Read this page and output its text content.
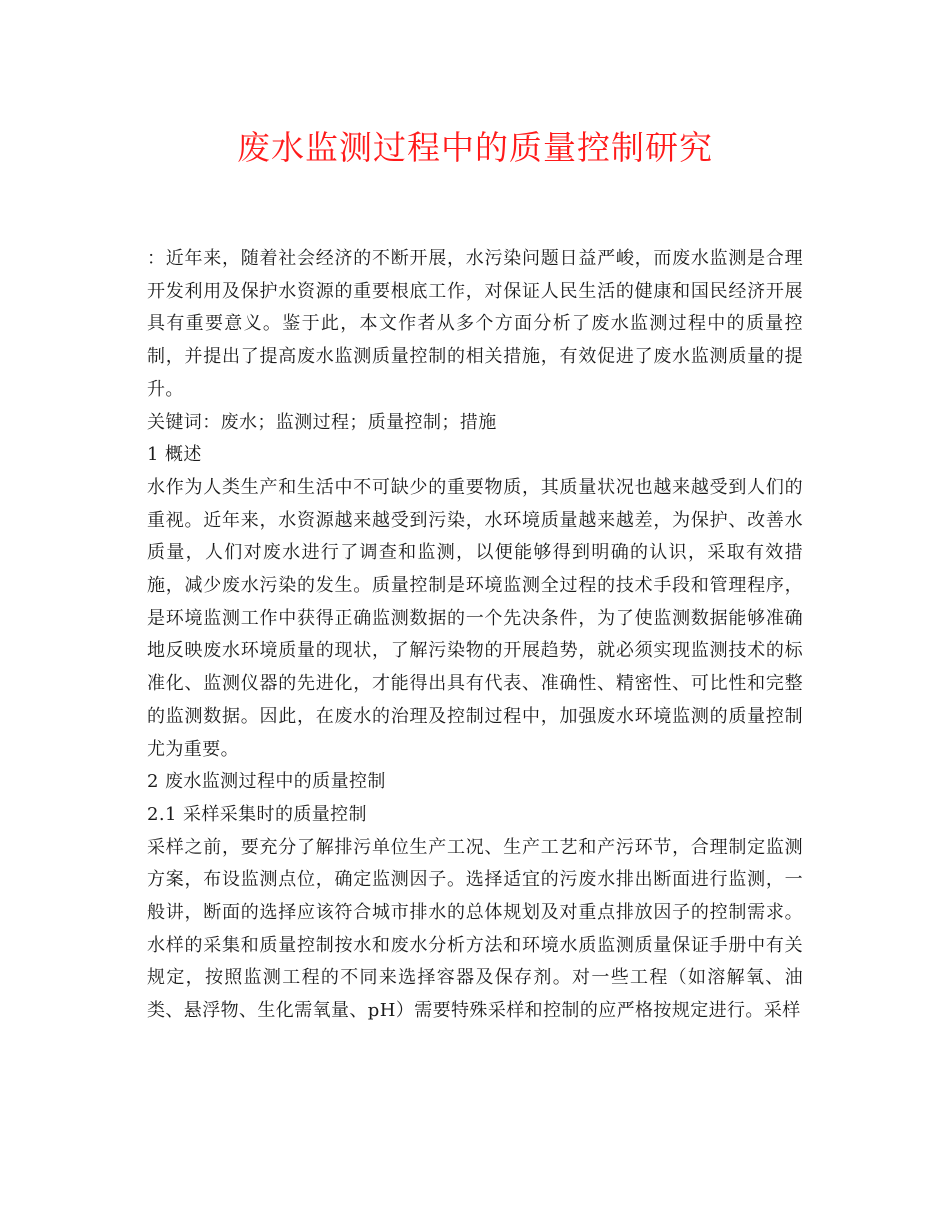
废水监测过程中的质量控制研究

：近年来，随着社会经济的不断开展，水污染问题日益严峻，而废水监测是合理开发利用及保护水资源的重要根底工作，对保证人民生活的健康和国民经济开展具有重要意义。鉴于此，本文作者从多个方面分析了废水监测过程中的质量控制，并提出了提高废水监测质量控制的相关措施，有效促进了废水监测质量的提升。

关键词：废水；监测过程；质量控制；措施

1 概述

水作为人类生产和生活中不可缺少的重要物质，其质量状况也越来越受到人们的重视。近年来，水资源越来越受到污染，水环境质量越来越差，为保护、改善水质量，人们对废水进行了调查和监测，以便能够得到明确的认识，采取有效措施，减少废水污染的发生。质量控制是环境监测全过程的技术手段和管理程序，是环境监测工作中获得正确监测数据的一个先决条件，为了使监测数据能够准确地反映废水环境质量的现状，了解污染物的开展趋势，就必须实现监测技术的标准化、监测仪器的先进化，才能得出具有代表、准确性、精密性、可比性和完整的监测数据。因此，在废水的治理及控制过程中，加强废水环境监测的质量控制尤为重要。

2 废水监测过程中的质量控制

2.1 采样采集时的质量控制

采样之前，要充分了解排污单位生产工况、生产工艺和产污环节，合理制定监测方案，布设监测点位，确定监测因子。选择适宜的污废水排出断面进行监测，一般讲，断面的选择应该符合城市排水的总体规划及对重点排放因子的控制需求。水样的采集和质量控制按水和废水分析方法和环境水质监测质量保证手册中有关规定，按照监测工程的不同来选择容器及保存剂。对一些工程（如溶解氧、油类、悬浮物、生化需氧量、pH）需要特殊采样和控制的应严格按规定进行。采样
